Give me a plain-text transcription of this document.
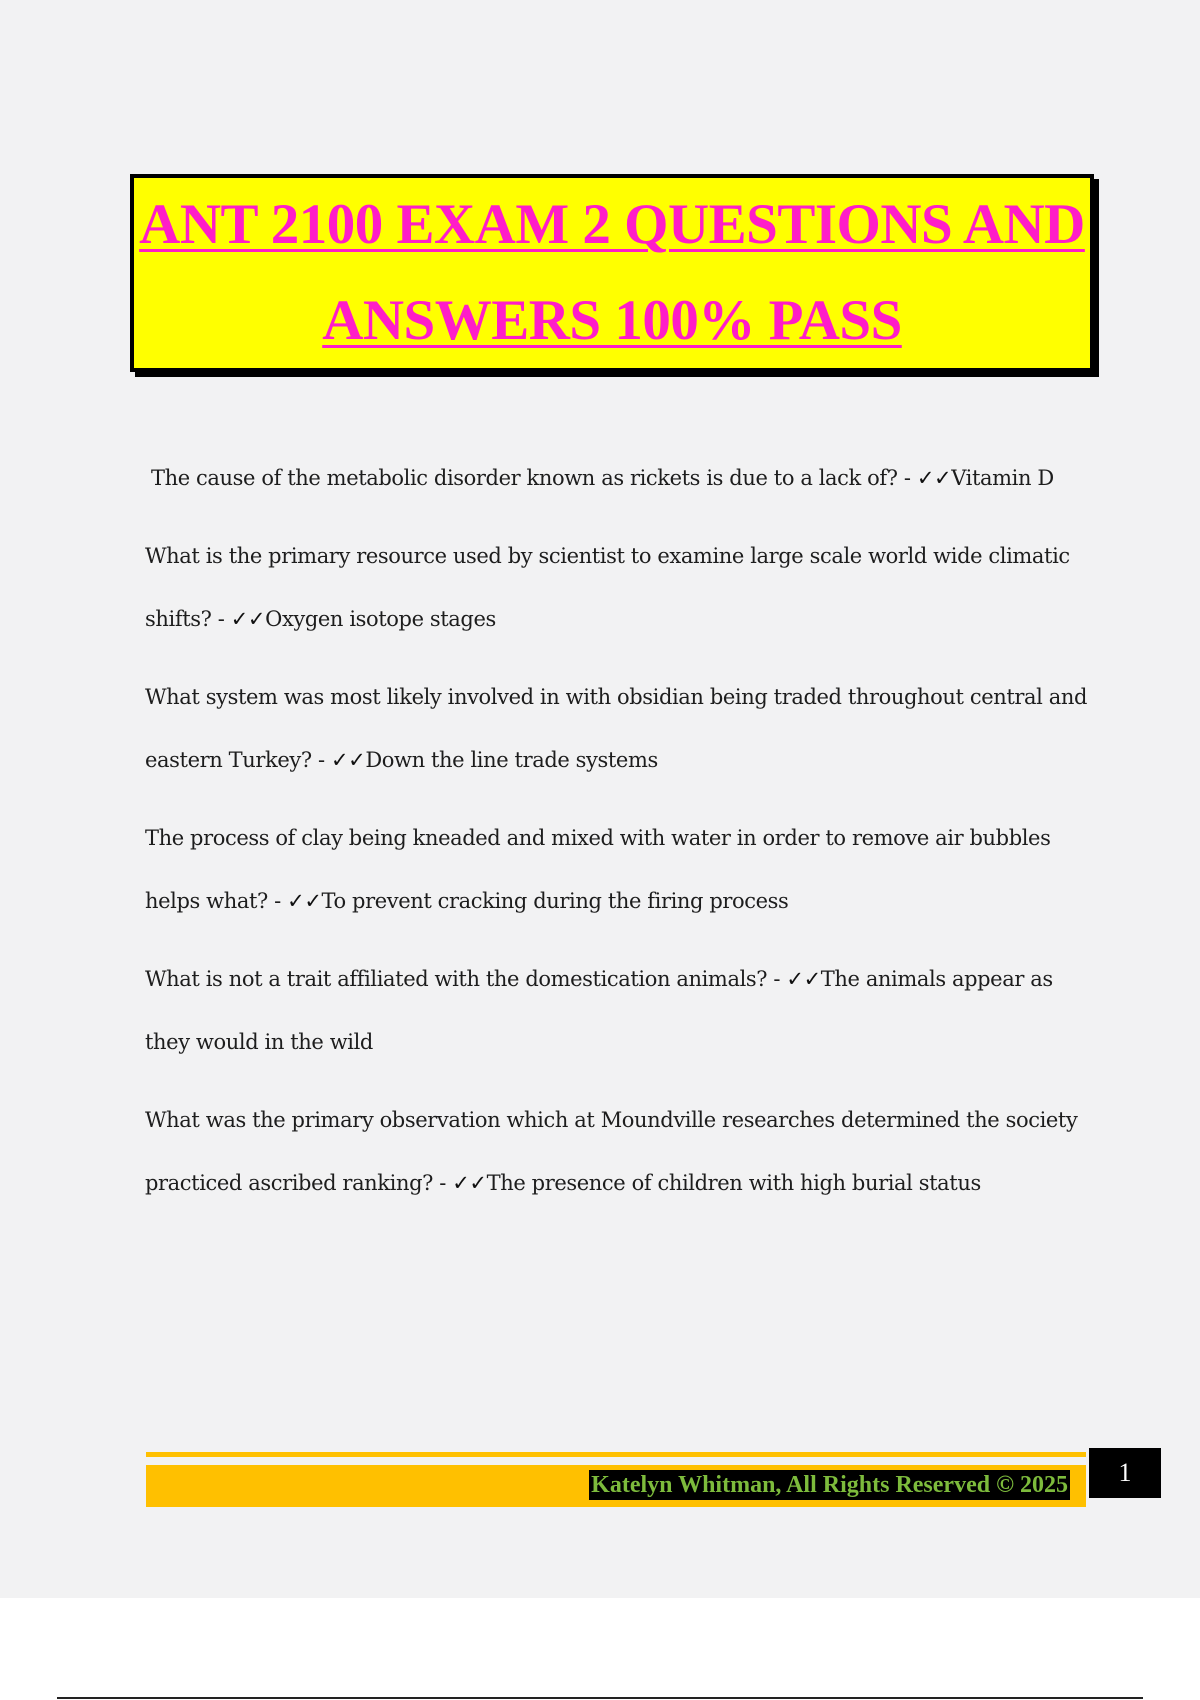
ANT 2100 EXAM 2 QUESTIONS AND
ANSWERS 100% PASS

The cause of the metabolic disorder known as rickets is due to a lack of? - ✓✓Vitamin D

What is the primary resource used by scientist to examine large scale world wide climatic shifts? - ✓✓Oxygen isotope stages

What system was most likely involved in with obsidian being traded throughout central and eastern Turkey? - ✓✓Down the line trade systems

The process of clay being kneaded and mixed with water in order to remove air bubbles helps what? - ✓✓To prevent cracking during the firing process

What is not a trait affiliated with the domestication animals? - ✓✓The animals appear as they would in the wild

What was the primary observation which at Moundville researches determined the society practiced ascribed ranking? - ✓✓The presence of children with high burial status

Katelyn Whitman, All Rights Reserved © 2025	1
